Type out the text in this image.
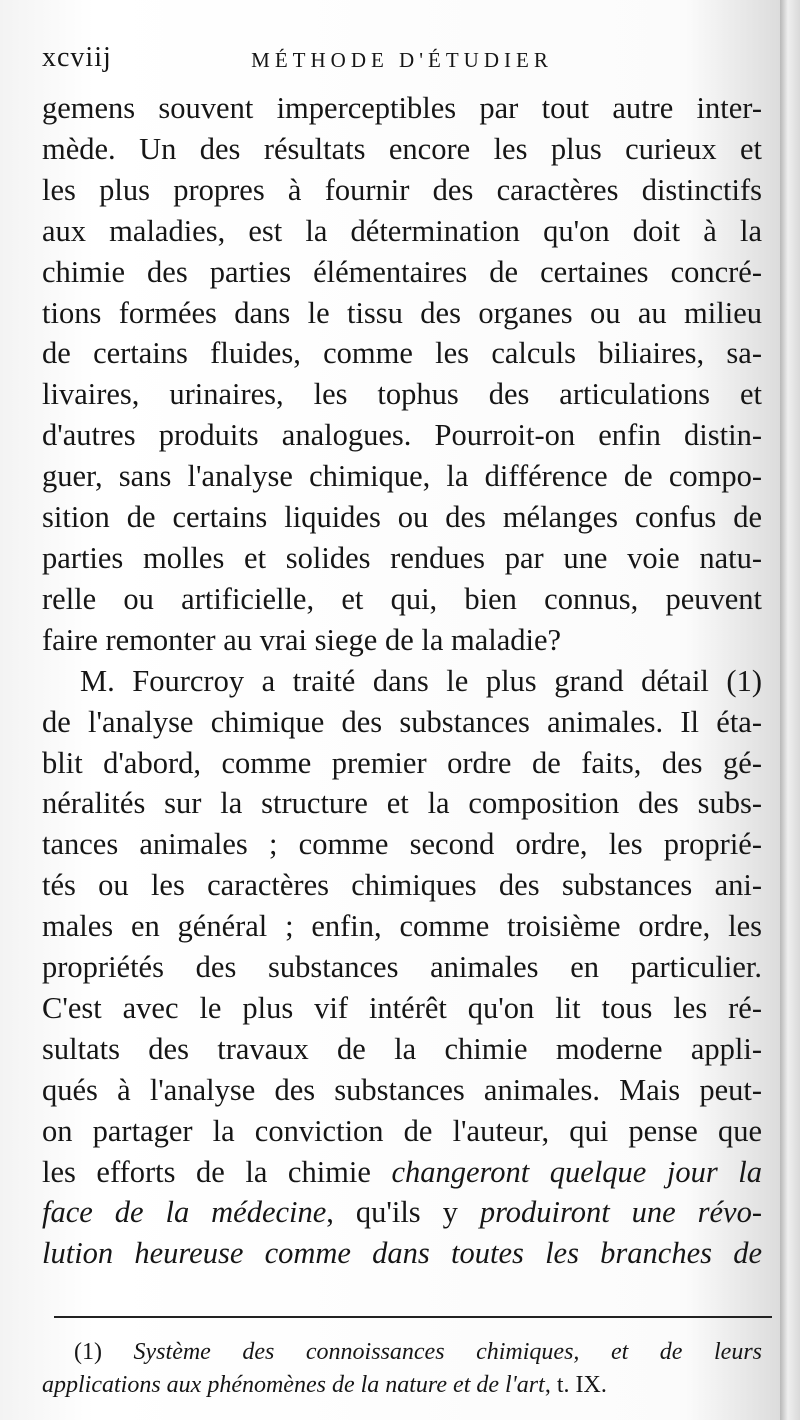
xcviij	MÉTHODE D'ÉTUDIER
gemens souvent imperceptibles par tout autre inter-
mède. Un des résultats encore les plus curieux et
les plus propres à fournir des caractères distinctifs
aux maladies, est la détermination qu'on doit à la
chimie des parties élémentaires de certaines concré-
tions formées dans le tissu des organes ou au milieu
de certains fluides, comme les calculs biliaires, sa-
livaires, urinaires, les tophus des articulations et
d'autres produits analogues. Pourroit-on enfin distin-
guer, sans l'analyse chimique, la différence de compo-
sition de certains liquides ou des mélanges confus de
parties molles et solides rendues par une voie natu-
relle ou artificielle, et qui, bien connus, peuvent
faire remonter au vrai siege de la maladie?
M. Fourcroy a traité dans le plus grand détail (1)
de l'analyse chimique des substances animales. Il éta-
blit d'abord, comme premier ordre de faits, des gé-
néralités sur la structure et la composition des subs-
tances animales ; comme second ordre, les proprié-
tés ou les caractères chimiques des substances ani-
males en général ; enfin, comme troisième ordre, les
propriétés des substances animales en particulier.
C'est avec le plus vif intérêt qu'on lit tous les ré-
sultats des travaux de la chimie moderne appli-
qués à l'analyse des substances animales. Mais peut-
on partager la conviction de l'auteur, qui pense que
les efforts de la chimie changeront quelque jour la
face de la médecine, qu'ils y produiront une révo-
lution heureuse comme dans toutes les branches de
(1) Système des connoissances chimiques, et de leurs
applications aux phénomènes de la nature et de l'art, t. IX.
